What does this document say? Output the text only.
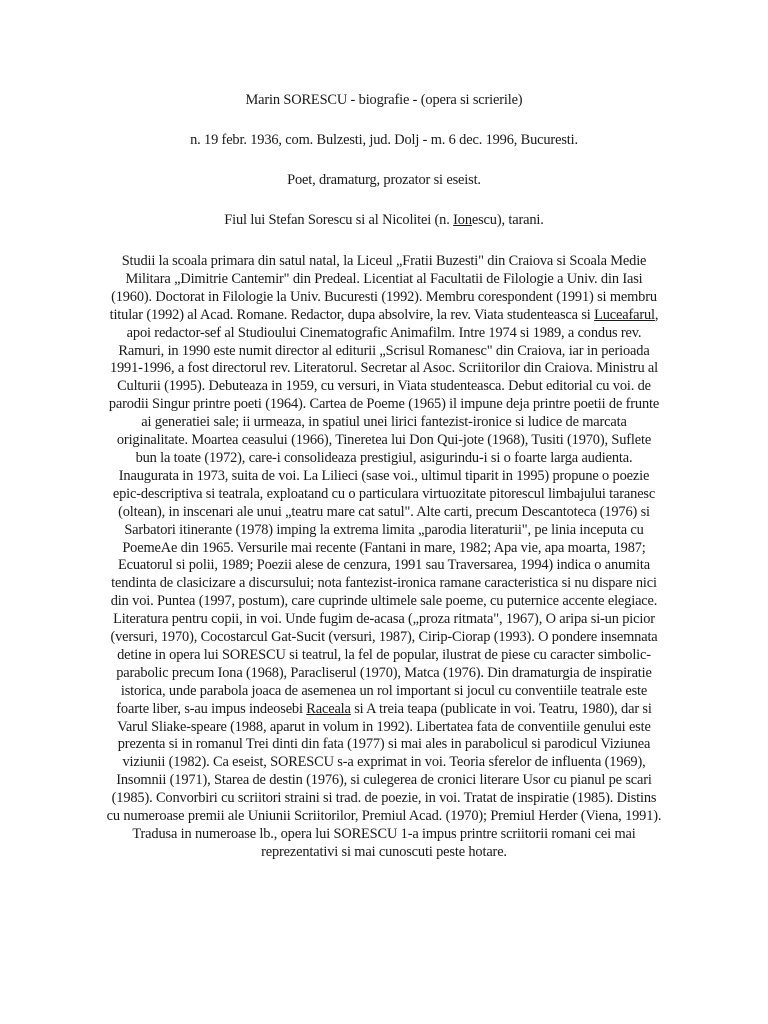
Marin SORESCU - biografie - (opera si scrierile)

n. 19 febr. 1936, com. Bulzesti, jud. Dolj - m. 6 dec. 1996, Bucuresti.

Poet, dramaturg, prozator si eseist.

Fiul lui Stefan Sorescu si al Nicolitei (n. Ionescu), tarani.

Studii la scoala primara din satul natal, la Liceul „Fratii Buzesti" din Craiova si Scoala Medie Militara „Dimitrie Cantemir" din Predeal. Licentiat al Facultatii de Filologie a Univ. din Iasi (1960). Doctorat in Filologie la Univ. Bucuresti (1992). Membru corespondent (1991) si membru titular (1992) al Acad. Romane. Redactor, dupa absolvire, la rev. Viata studenteasca si Luceafarul, apoi redactor-sef al Studioului Cinematografic Animafilm. Intre 1974 si 1989, a condus rev. Ramuri, in 1990 este numit director al editurii „Scrisul Romanesc" din Craiova, iar in perioada 1991-1996, a fost directorul rev. Literatorul. Secretar al Asoc. Scriitorilor din Craiova. Ministru al Culturii (1995). Debuteaza in 1959, cu versuri, in Viata studenteasca. Debut editorial cu voi. de parodii Singur printre poeti (1964). Cartea de Poeme (1965) il impune deja printre poetii de frunte ai generatiei sale; ii urmeaza, in spatiul unei lirici fantezist-ironice si ludice de marcata originalitate. Moartea ceasului (1966), Tineretea lui Don Qui-jote (1968), Tusiti (1970), Suflete bun la toate (1972), care-i consolideaza prestigiul, asigurindu-i si o foarte larga audienta. Inaugurata in 1973, suita de voi. La Lilieci (sase voi., ultimul tiparit in 1995) propune o poezie epic-descriptiva si teatrala, exploatand cu o particulara virtuozitate pitorescul limbajului taranesc (oltean), in inscenari ale unui „teatru mare cat satul". Alte carti, precum Descantoteca (1976) si Sarbatori itinerante (1978) imping la extrema limita „parodia literaturii", pe linia inceputa cu PoemeAe din 1965. Versurile mai recente (Fantani in mare, 1982; Apa vie, apa moarta, 1987; Ecuatorul si polii, 1989; Poezii alese de cenzura, 1991 sau Traversarea, 1994) indica o anumita tendinta de clasicizare a discursului; nota fantezist-ironica ramane caracteristica si nu dispare nici din voi. Puntea (1997, postum), care cuprinde ultimele sale poeme, cu puternice accente elegiace. Literatura pentru copii, in voi. Unde fugim de-acasa („proza ritmata", 1967), O aripa si-un picior (versuri, 1970), Cocostarcul Gat-Sucit (versuri, 1987), Cirip-Ciorap (1993). O pondere insemnata detine in opera lui SORESCU si teatrul, la fel de popular, ilustrat de piese cu caracter simbolic-parabolic precum Iona (1968), Paracliserul (1970), Matca (1976). Din dramaturgia de inspiratie istorica, unde parabola joaca de asemenea un rol important si jocul cu conventiile teatrale este foarte liber, s-au impus indeosebi Raceala si A treia teapa (publicate in voi. Teatru, 1980), dar si Varul Sliake-speare (1988, aparut in volum in 1992). Libertatea fata de conventiile genului este prezenta si in romanul Trei dinti din fata (1977) si mai ales in parabolicul si parodicul Viziunea viziunii (1982). Ca eseist, SORESCU s-a exprimat in voi. Teoria sferelor de influenta (1969), Insomnii (1971), Starea de destin (1976), si culegerea de cronici literare Usor cu pianul pe scari (1985). Convorbiri cu scriitori straini si trad. de poezie, in voi. Tratat de inspiratie (1985). Distins cu numeroase premii ale Uniunii Scriitorilor, Premiul Acad. (1970); Premiul Herder (Viena, 1991). Tradusa in numeroase lb., opera lui SORESCU 1-a impus printre scriitorii romani cei mai reprezentativi si mai cunoscuti peste hotare.
